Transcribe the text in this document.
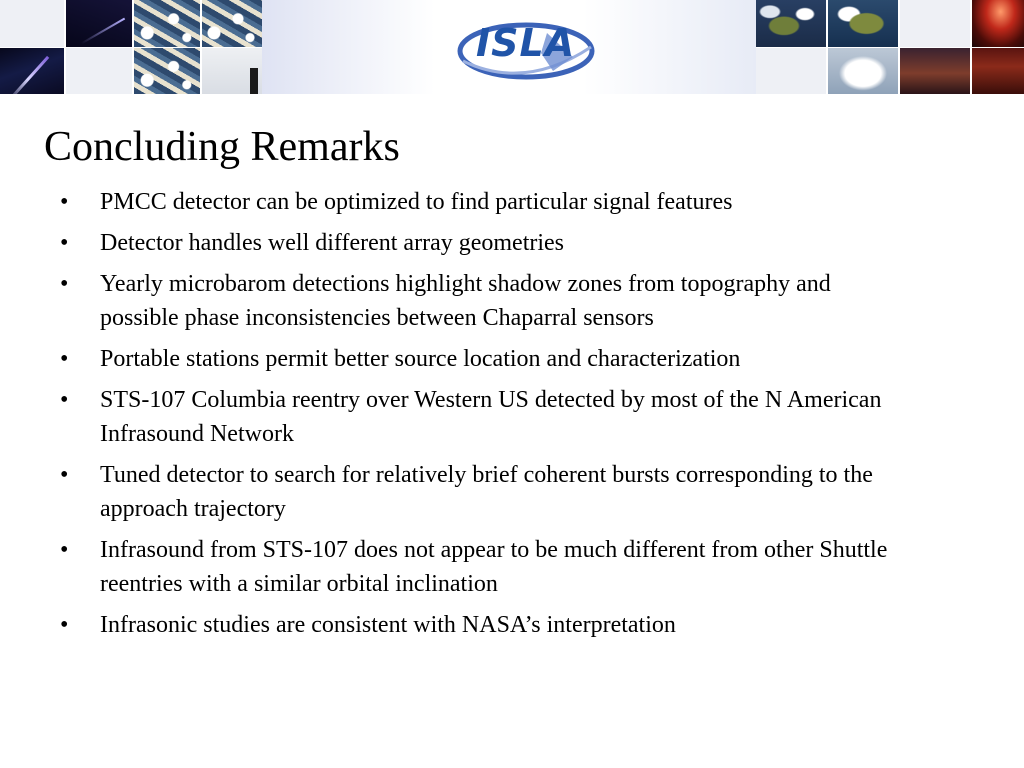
ISLA
Concluding Remarks
• PMCC detector can be optimized to find particular signal features
• Detector handles well different array geometries
• Yearly microbarom detections highlight shadow zones from topography and possible phase inconsistencies between Chaparral sensors
• Portable stations permit better source location and characterization
• STS-107 Columbia reentry over Western US detected by most of the N American Infrasound Network
• Tuned detector to search for relatively brief coherent bursts corresponding to the approach trajectory
• Infrasound from STS-107 does not appear to be much different from other Shuttle reentries with a similar orbital inclination
• Infrasonic studies are consistent with NASA’s interpretation
